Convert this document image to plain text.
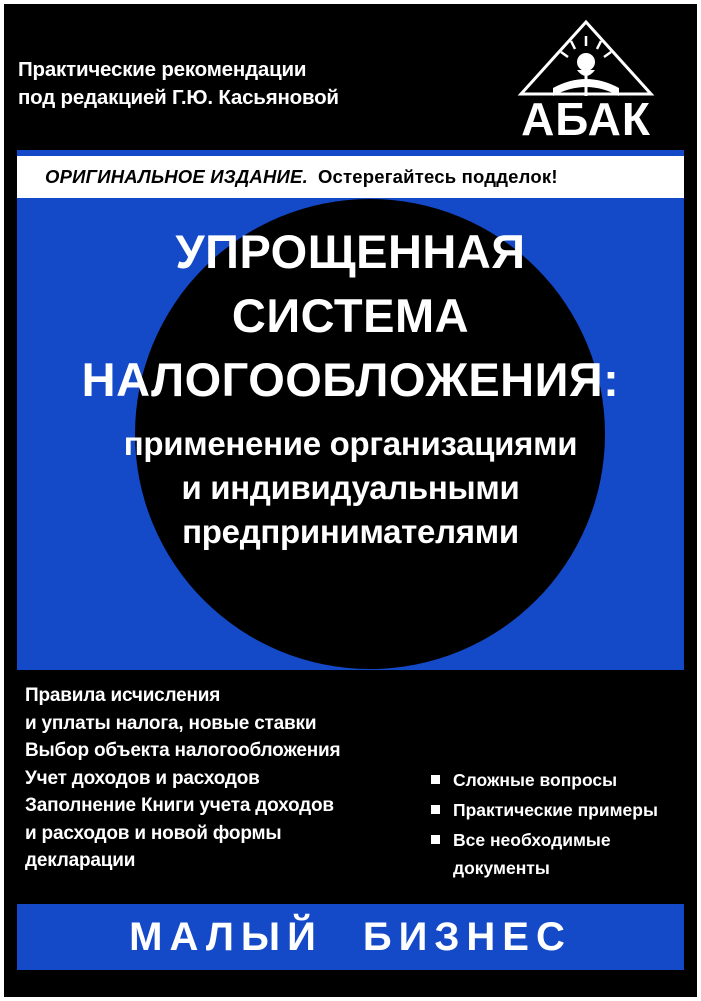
Практические рекомендации
под редакцией Г.Ю. Касьяновой	АБАК
ОРИГИНАЛЬНОЕ ИЗДАНИЕ. Остерегайтесь подделок!
УПРОЩЕННАЯ
СИСТЕМА
НАЛОГООБЛОЖЕНИЯ:
применение организациями
и индивидуальными
предпринимателями
Правила исчисления
и уплаты налога, новые ставки
Выбор объекта налогообложения
Учет доходов и расходов
Заполнение Книги учета доходов
и расходов и новой формы
декларации
Сложные вопросы
Практические примеры
Все необходимые
документы
МАЛЫЙ БИЗНЕС
